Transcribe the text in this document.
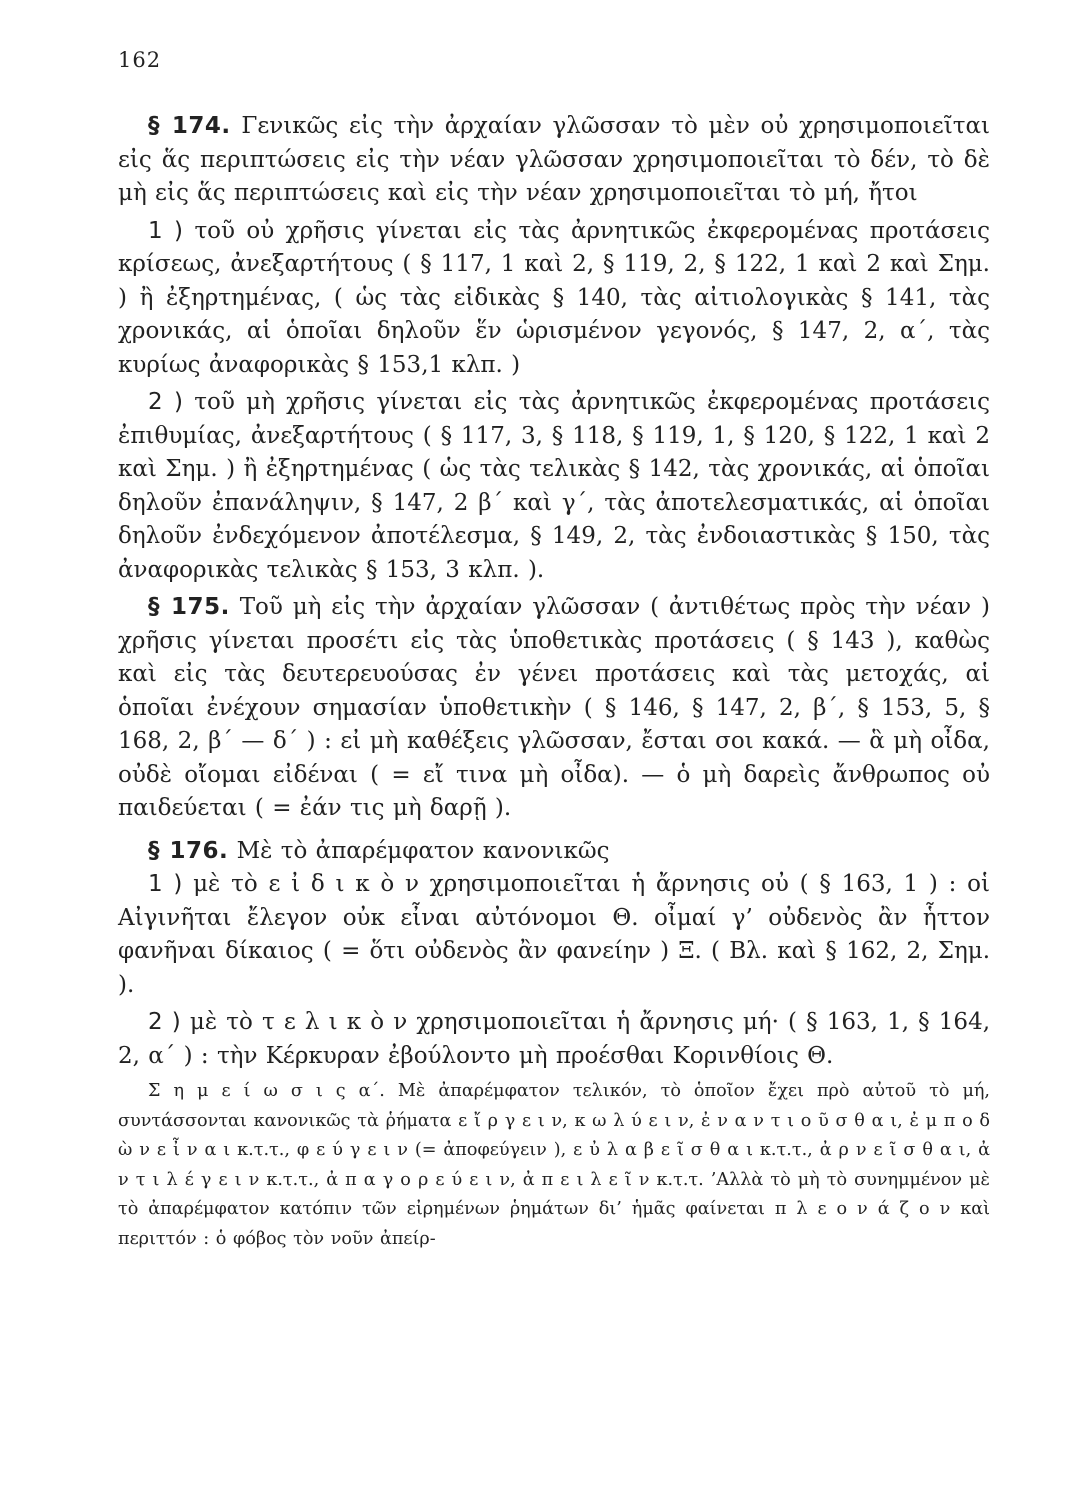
162

§ 174. Γενικῶς εἰς τὴν ἀρχαίαν γλῶσσαν τὸ μὲν οὐ χρησιμοποιεῖται εἰς ἅς περιπτώσεις εἰς τὴν νέαν γλῶσσαν χρησιμοποιεῖται τὸ δέν, τὸ δὲ μὴ εἰς ἅς περιπτώσεις καὶ εἰς τὴν νέαν χρησιμοποιεῖται τὸ μή, ἤτοι

1 ) τοῦ οὐ χρῆσις γίνεται εἰς τὰς ἀρνητικῶς ἐκφερομένας προτάσεις κρίσεως, ἀνεξαρτήτους ( § 117, 1 καὶ 2, § 119, 2, § 122, 1 καὶ 2 καὶ Σημ. ) ἢ ἐξηρτημένας, ( ὡς τὰς εἰδικὰς § 140, τὰς αἰτιολογικὰς § 141, τὰς χρονικάς, αἱ ὁποῖαι δηλοῦν ἕν ὡρισμένον γεγονός, § 147, 2, α΄, τὰς κυρίως ἀναφορικὰς § 153,1 κλπ. )

2 ) τοῦ μὴ χρῆσις γίνεται εἰς τὰς ἀρνητικῶς ἐκφερομένας προτάσεις ἐπιθυμίας, ἀνεξαρτήτους ( § 117, 3, § 118, § 119, 1, § 120, § 122, 1 καὶ 2 καὶ Σημ. ) ἢ ἐξηρτημένας ( ὡς τὰς τελικὰς § 142, τὰς χρονικάς, αἱ ὁποῖαι δηλοῦν ἐπανάληψιν, § 147, 2 β΄ καὶ γ΄, τὰς ἀποτελεσματικάς, αἱ ὁποῖαι δηλοῦν ἐνδεχόμενον ἀποτέλεσμα, § 149, 2, τὰς ἐνδοιαστικὰς § 150, τὰς ἀναφορικὰς τελικὰς § 153, 3 κλπ. ).

§ 175. Τοῦ μὴ εἰς τὴν ἀρχαίαν γλῶσσαν ( ἀντιθέτως πρὸς τὴν νέαν ) χρῆσις γίνεται προσέτι εἰς τὰς ὑποθετικὰς προτάσεις ( § 143 ), καθὼς καὶ εἰς τὰς δευτερευούσας ἐν γένει προτάσεις καὶ τὰς μετοχάς, αἱ ὁποῖαι ἐνέχουν σημασίαν ὑποθετικὴν ( § 146, § 147, 2, β΄, § 153, 5, § 168, 2, β΄ — δ΄ ) : εἰ μὴ καθέξεις γλῶσσαν, ἔσται σοι κακά. — ἃ μὴ οἶδα, οὐδὲ οἴομαι εἰδέναι ( = εἴ τινα μὴ οἶδα). — ὁ μὴ δαρεὶς ἄνθρωπος οὐ παιδεύεται ( = ἐάν τις μὴ δαρῇ ).

§ 176. Μὲ τὸ ἀπαρέμφατον κανονικῶς

1 ) μὲ τὸ ε ἰ δ ι κ ὸ ν χρησιμοποιεῖται ἡ ἄρνησις οὐ ( § 163, 1 ) : οἱ Αἰγινῆται ἔλεγον οὐκ εἶναι αὐτόνομοι Θ. οἶμαί γ’ οὐδενὸς ἂν ἧττον φανῆναι δίκαιος ( = ὅτι οὐδενὸς ἂν φανείην ) Ξ. ( Βλ. καὶ § 162, 2, Σημ. ).

2 ) μὲ τὸ τ ε λ ι κ ὸ ν χρησιμοποιεῖται ἡ ἄρνησις μή· ( § 163, 1, § 164, 2, α΄ ) : τὴν Κέρκυραν ἐβούλοντο μὴ προέσθαι Κορινθίοις Θ.

Σ η μ ε ί ω σ ι ς α΄. Μὲ ἀπαρέμφατον τελικόν, τὸ ὁποῖον ἔχει πρὸ αὐτοῦ τὸ μή, συντάσσονται κανονικῶς τὰ ῥήματα ε ἴ ρ γ ε ι ν, κ ω λ ύ ε ι ν, ἐ ν α ν τ ι ο ῦ σ θ α ι, ἐ μ π ο δ ὼ ν ε ἶ ν α ι κ.τ.τ., φ ε ύ γ ε ι ν (= ἀποφεύγειν ), ε ὐ λ α β ε ῖ σ θ α ι κ.τ.τ., ἀ ρ ν ε ῖ σ θ α ι, ἀ ν τ ι λ έ γ ε ι ν κ.τ.τ., ἀ π α γ ο ρ ε ύ ε ι ν, ἀ π ε ι λ ε ῖ ν κ.τ.τ. ’Αλλὰ τὸ μὴ τὸ συνημμένον μὲ τὸ ἀπαρέμφατον κατόπιν τῶν εἰρημένων ῥημάτων δι’ ἡμᾶς φαίνεται π λ ε ο ν ά ζ ο ν καὶ περιττόν : ὁ φόβος τὸν νοῦν ἀπείρ-
